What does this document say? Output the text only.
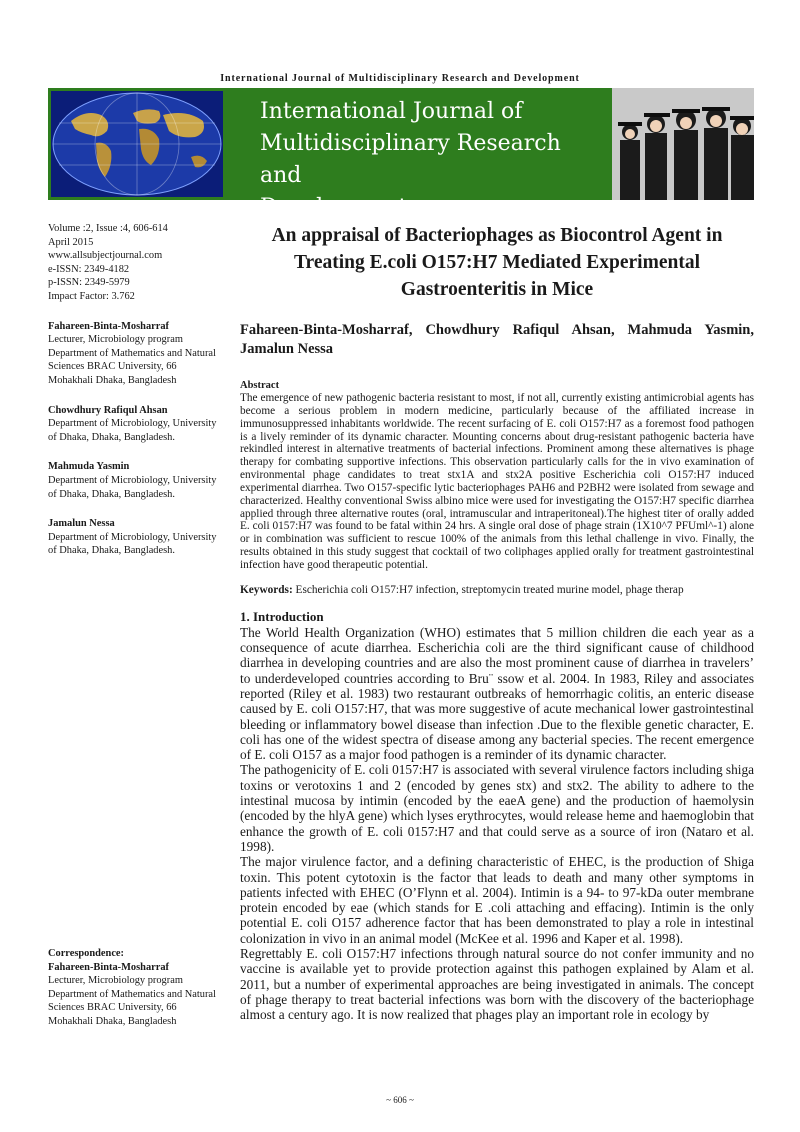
International Journal of Multidisciplinary Research and Development
International Journal of
Multidisciplinary Research and
Development

Volume :2, Issue :4, 606-614

April 2015

www.allsubjectjournal.com

e-ISSN: 2349-4182

p-ISSN: 2349-5979

Impact Factor: 3.762

Fahareen-Binta-Mosharraf

Lecturer, Microbiology program Department of Mathematics and Natural Sciences BRAC University, 66 Mohakhali Dhaka, Bangladesh

Chowdhury Rafiqul Ahsan

Department of Microbiology, University of Dhaka, Dhaka, Bangladesh.

Mahmuda Yasmin

Department of Microbiology, University of Dhaka, Dhaka, Bangladesh.

Jamalun Nessa

Department of Microbiology, University of Dhaka, Dhaka, Bangladesh.

Correspondence:

Fahareen-Binta-Mosharraf

Lecturer, Microbiology program Department of Mathematics and Natural Sciences BRAC University, 66 Mohakhali Dhaka, Bangladesh

An appraisal of Bacteriophages as Biocontrol Agent in
Treating E.coli O157:H7 Mediated Experimental
Gastroenteritis in Mice
Fahareen-Binta-Mosharraf, Chowdhury Rafiqul Ahsan, Mahmuda Yasmin, Jamalun Nessa
Abstract

The emergence of new pathogenic bacteria resistant to most, if not all, currently existing antimicrobial agents has become a serious problem in modern medicine, particularly because of the affiliated increase in immunosuppressed inhabitants worldwide. The recent surfacing of E. coli O157:H7 as a foremost food pathogen is a lively reminder of its dynamic character. Mounting concerns about drug-resistant pathogenic bacteria have rekindled interest in alternative treatments of bacterial infections. Prominent among these alternatives is phage therapy for combating supportive infections. This observation particularly calls for the in vivo examination of environmental phage candidates to treat stx1A and stx2A positive Escherichia coli O157:H7 induced experimental diarrhea. Two O157-specific lytic bacteriophages PAH6 and P2BH2 were isolated from sewage and characterized. Healthy conventional Swiss albino mice were used for investigating the O157:H7 specific diarrhea applied through three alternative routes (oral, intramuscular and intraperitoneal).The highest titer of orally added E. coli 0157:H7 was found to be fatal within 24 hrs. A single oral dose of phage strain (1X10^7 PFUml^-1) alone or in combination was sufficient to rescue 100% of the animals from this lethal challenge in vivo. Finally, the results obtained in this study suggest that cocktail of two coliphages applied orally for treatment gastrointestinal infection have good therapeutic potential.

Keywords: Escherichia coli O157:H7 infection, streptomycin treated murine model, phage therap
1. Introduction

The World Health Organization (WHO) estimates that 5 million children die each year as a consequence of acute diarrhea. Escherichia coli are the third significant cause of childhood diarrhea in developing countries and are also the most prominent cause of diarrhea in travelers’ to underdeveloped countries according to Bru¨ ssow et al. 2004. In 1983, Riley and associates reported (Riley et al. 1983) two restaurant outbreaks of hemorrhagic colitis, an enteric disease caused by E. coli O157:H7, that was more suggestive of acute mechanical lower gastrointestinal bleeding or inflammatory bowel disease than infection .Due to the flexible genetic character, E. coli has one of the widest spectra of disease among any bacterial species. The recent emergence of E. coli O157 as a major food pathogen is a reminder of its dynamic character.

The pathogenicity of E. coli 0157:H7 is associated with several virulence factors including shiga toxins or verotoxins 1 and 2 (encoded by genes stx) and stx2. The ability to adhere to the intestinal mucosa by intimin (encoded by the eaeA gene) and the production of haemolysin (encoded by the hlyA gene) which lyses erythrocytes, would release heme and haemoglobin that enhance the growth of E. coli 0157:H7 and that could serve as a source of iron (Nataro et al. 1998).

The major virulence factor, and a defining characteristic of EHEC, is the production of Shiga toxin. This potent cytotoxin is the factor that leads to death and many other symptoms in patients infected with EHEC (O’Flynn et al. 2004). Intimin is a 94- to 97-kDa outer membrane protein encoded by eae (which stands for E .coli attaching and effacing). Intimin is the only potential E. coli O157 adherence factor that has been demonstrated to play a role in intestinal colonization in vivo in an animal model (McKee et al. 1996 and Kaper et al. 1998).

Regrettably E. coli O157:H7 infections through natural source do not confer immunity and no vaccine is available yet to provide protection against this pathogen explained by Alam et al. 2011, but a number of experimental approaches are being investigated in animals. The concept of phage therapy to treat bacterial infections was born with the discovery of the bacteriophage almost a century ago. It is now realized that phages play an important role in ecology by

~ 606 ~
